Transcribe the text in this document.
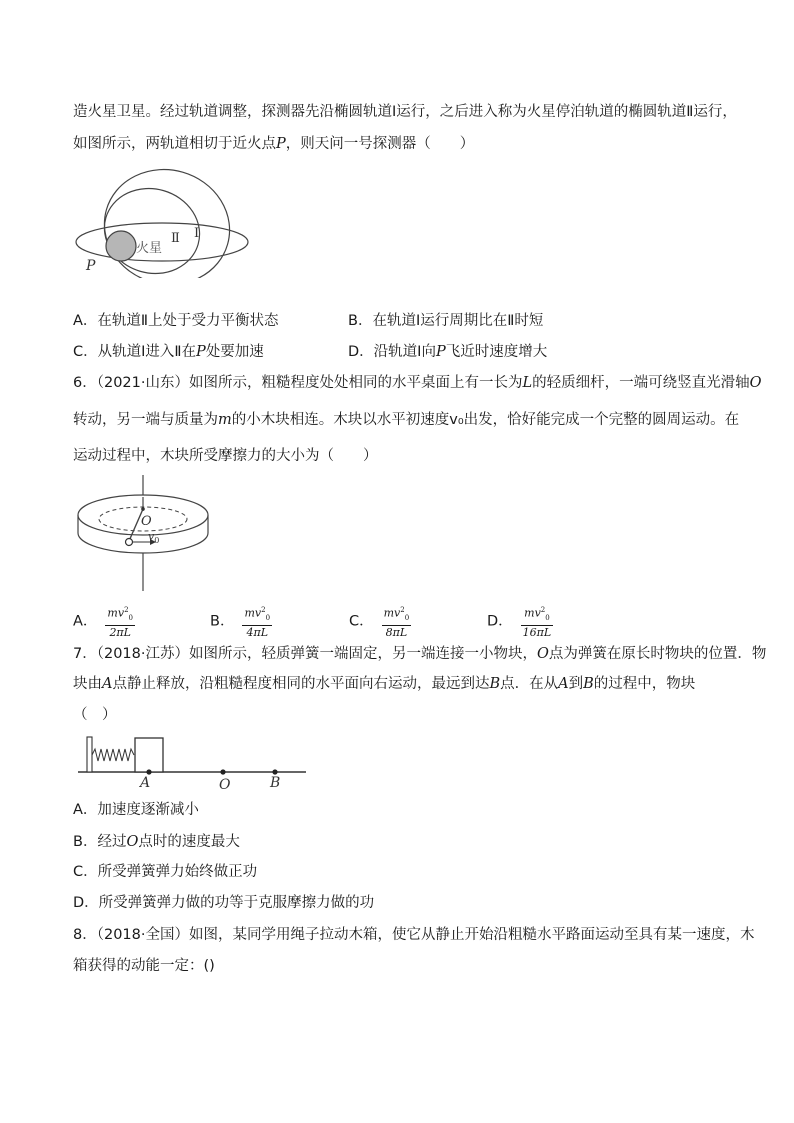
造火星卫星。经过轨道调整，探测器先沿椭圆轨道Ⅰ运行，之后进入称为火星停泊轨道的椭圆轨道Ⅱ运行，
如图所示，两轨道相切于近火点P，则天问一号探测器（　　）
火星
Ⅱ Ⅰ
P
A．在轨道Ⅱ上处于受力平衡状态	B．在轨道Ⅰ运行周期比在Ⅱ时短
C．从轨道Ⅰ进入Ⅱ在P处要加速	D．沿轨道Ⅰ向P飞近时速度增大
6．（2021·山东）如图所示，粗糙程度处处相同的水平桌面上有一长为L的轻质细杆，一端可绕竖直光滑轴O
转动，另一端与质量为m的小木块相连。木块以水平初速度v₀出发，恰好能完成一个完整的圆周运动。在
运动过程中，木块所受摩擦力的大小为（　　）
O
$v_0$
A． $\frac{mv^2_0}{2\pi L}$	B． $\frac{mv^2_0}{4\pi L}$	C． $\frac{mv^2_0}{8\pi L}$	D． $\frac{mv^2_0}{16\pi L}$
7．（2018·江苏）如图所示，轻质弹簧一端固定，另一端连接一小物块，O点为弹簧在原长时物块的位置．物
块由A点静止释放，沿粗糙程度相同的水平面向右运动，最远到达B点．在从A到B的过程中，物块
（　）
A	O	B
A．加速度逐渐减小
B．经过O点时的速度最大
C．所受弹簧弹力始终做正功
D．所受弹簧弹力做的功等于克服摩擦力做的功
8．（2018·全国）如图，某同学用绳子拉动木箱，使它从静止开始沿粗糙水平路面运动至具有某一速度，木
箱获得的动能一定：()
